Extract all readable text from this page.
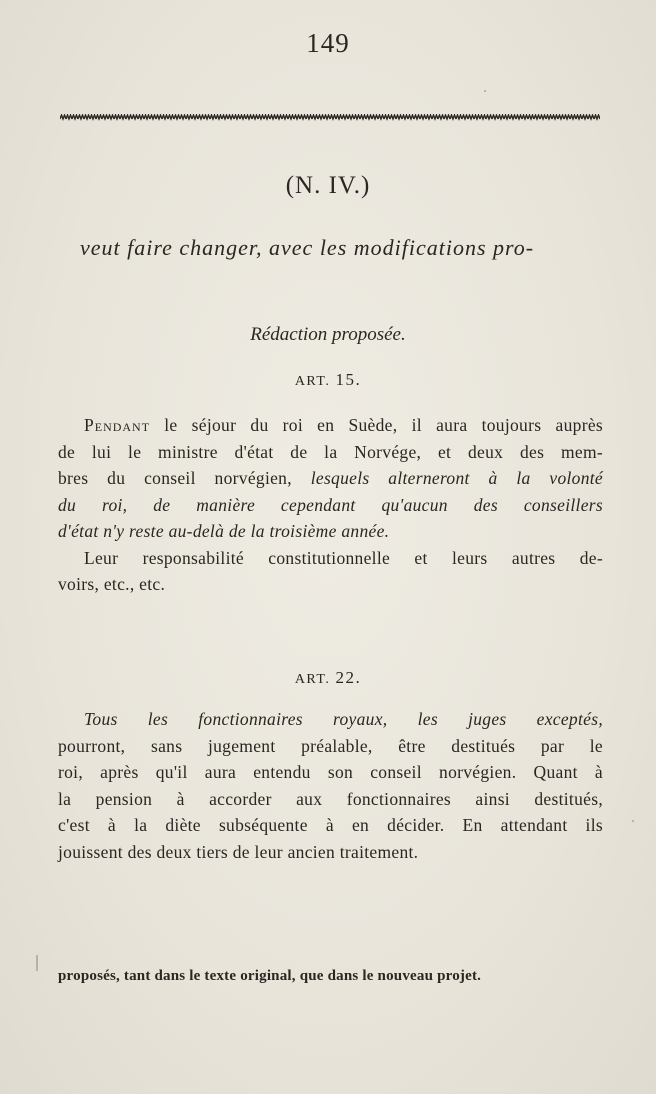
149
(N. IV.)
veut faire changer, avec les modifications pro-
Rédaction proposée.
ART. 15.
Pendant le séjour du roi en Suède, il aura toujours auprès
de lui le ministre d'état de la Norvége, et deux des mem-
bres du conseil norvégien, lesquels alterneront à la volonté
du roi, de manière cependant qu'aucun des conseillers
d'état n'y reste au-delà de la troisième année.
Leur responsabilité constitutionnelle et leurs autres de-
voirs, etc., etc.
ART. 22.
Tous les fonctionnaires royaux, les juges exceptés,
pourront, sans jugement préalable, être destitués par le
roi, après qu'il aura entendu son conseil norvégien. Quant à
la pension à accorder aux fonctionnaires ainsi destitués,
c'est à la diète subséquente à en décider. En attendant ils
jouissent des deux tiers de leur ancien traitement.
proposés, tant dans le texte original, que dans le nouveau projet.
